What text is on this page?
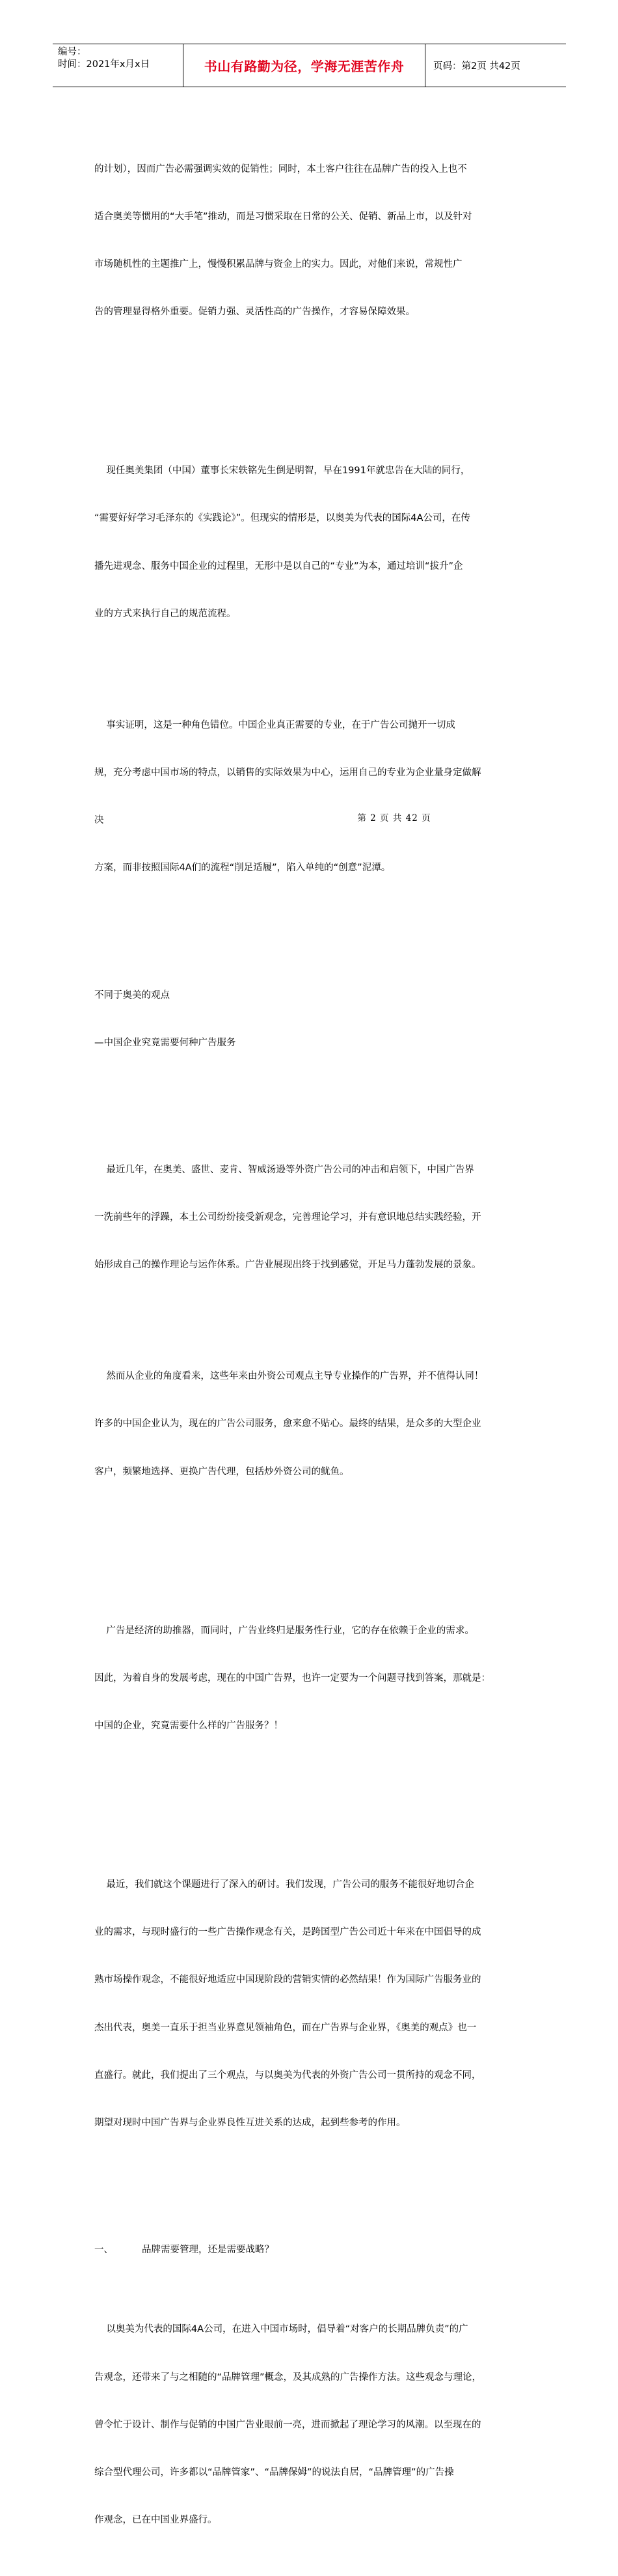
编号：
时间：2021年x月x日	书山有路勤为径，学海无涯苦作舟	页码：第2页 共42页

的计划），因而广告必需强调实效的促销性；同时，本土客户往往在品牌广告的投入上也不

适合奥美等惯用的“大手笔”推动，而是习惯采取在日常的公关、促销、新品上市，以及针对

市场随机性的主题推广上，慢慢积累品牌与资金上的实力。因此，对他们来说，常规性广

告的管理显得格外重要。促销力强、灵活性高的广告操作，才容易保障效果。

现任奥美集团（中国）董事长宋轶铭先生倒是明智，早在1991年就忠告在大陆的同行，

“需要好好学习毛泽东的《实践论》”。但现实的情形是，以奥美为代表的国际4A公司，在传

播先进观念、服务中国企业的过程里，无形中是以自己的“专业”为本，通过培训“拔升”企

业的方式来执行自己的规范流程。

事实证明，这是一种角色错位。中国企业真正需要的专业，在于广告公司抛开一切成

规，充分考虑中国市场的特点，以销售的实际效果为中心，运用自己的专业为企业量身定做解

决

方案，而非按照国际4A们的流程“削足适履”，陷入单纯的“创意”泥潭。

不同于奥美的观点

—中国企业究竟需要何种广告服务

最近几年，在奥美、盛世、麦肯、智威汤逊等外资广告公司的冲击和启领下，中国广告界

一洗前些年的浮躁，本土公司纷纷接受新观念，完善理论学习，并有意识地总结实践经验，开

始形成自己的操作理论与运作体系。广告业展现出终于找到感觉，开足马力蓬勃发展的景象。

然而从企业的角度看来，这些年来由外资公司观点主导专业操作的广告界，并不值得认同！

许多的中国企业认为，现在的广告公司服务，愈来愈不贴心。最终的结果，是众多的大型企业

客户，频繁地选择、更换广告代理，包括炒外资公司的鱿鱼。

广告是经济的助推器，而同时，广告业终归是服务性行业，它的存在依赖于企业的需求。

因此，为着自身的发展考虑，现在的中国广告界，也许一定要为一个问题寻找到答案，那就是：

中国的企业，究竟需要什么样的广告服务？！

最近，我们就这个课题进行了深入的研讨。我们发现，广告公司的服务不能很好地切合企

业的需求，与现时盛行的一些广告操作观念有关，是跨国型广告公司近十年来在中国倡导的成

熟市场操作观念，不能很好地适应中国现阶段的营销实情的必然结果！作为国际广告服务业的

杰出代表，奥美一直乐于担当业界意见领袖角色，而在广告界与企业界，《奥美的观点》也一

直盛行。就此，我们提出了三个观点，与以奥美为代表的外资广告公司一贯所持的观念不同，

期望对现时中国广告界与企业界良性互进关系的达成，起到些参考的作用。

一、	品牌需要管理，还是需要战略？

以奥美为代表的国际4A公司，在进入中国市场时，倡导着“对客户的长期品牌负责”的广

告观念，还带来了与之相随的“品牌管理”概念，及其成熟的广告操作方法。这些观念与理论，

曾令忙于设计、制作与促销的中国广告业眼前一亮，进而掀起了理论学习的风潮。以至现在的

综合型代理公司，许多都以“品牌管家”、“品牌保姆”的说法自居，“品牌管理”的广告操

作观念，已在中国业界盛行。

第 2 页 共 42 页
